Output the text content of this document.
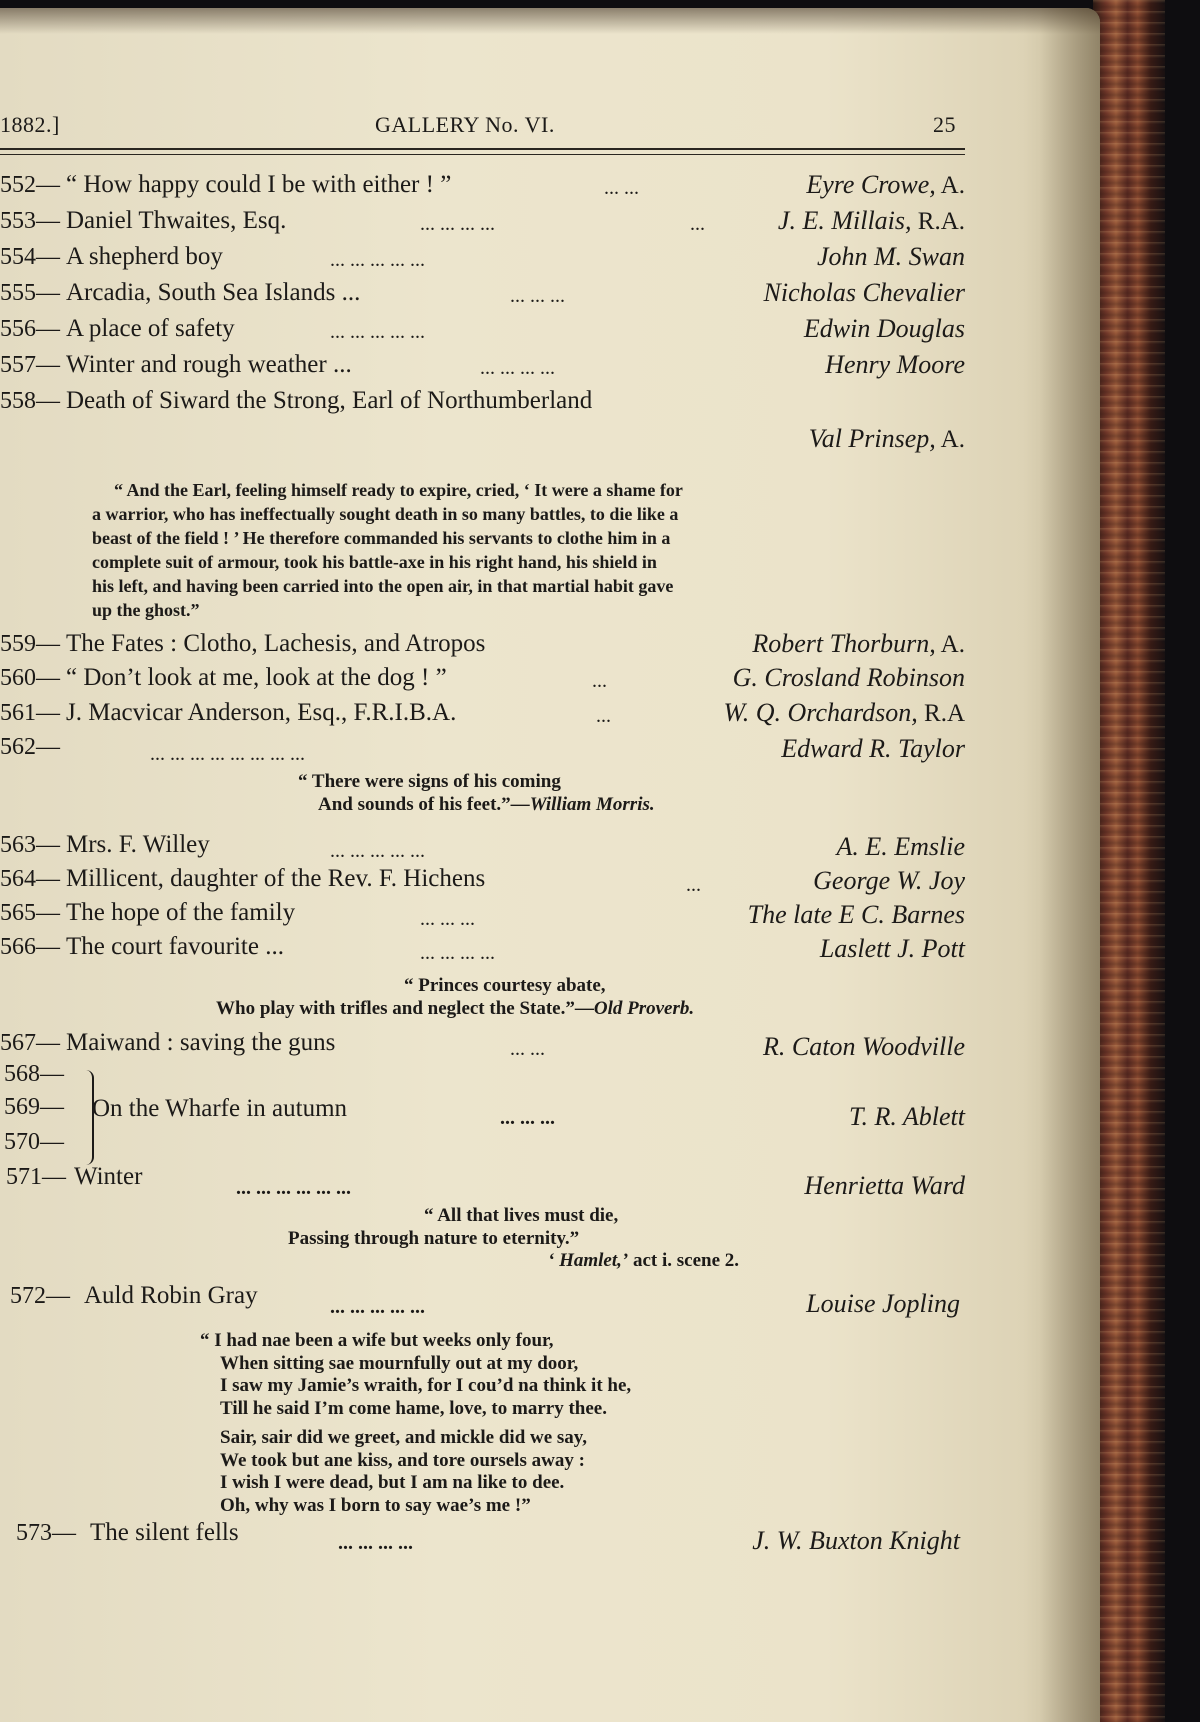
1882.]	GALLERY No. VI.	25
552— “ How happy could I be with either ! ”	... ...	Eyre Crowe, A.
553— Daniel Thwaites, Esq.	... ... ... ...	...	J. E. Millais, R.A.
554— A shepherd boy	... ... ... ... ...	John M. Swan
555— Arcadia, South Sea Islands ...	... ... ...	Nicholas Chevalier
556— A place of safety	... ... ... ... ...	Edwin Douglas
557— Winter and rough weather ...	... ... ... ...	Henry Moore
558— Death of Siward the Strong, Earl of Northumberland
Val Prinsep, A.
“ And the Earl, feeling himself ready to expire, cried, ‘ It were a shame for
a warrior, who has ineffectually sought death in so many battles, to die like a
beast of the field ! ’ He therefore commanded his servants to clothe him in a
complete suit of armour, took his battle-axe in his right hand, his shield in
his left, and having been carried into the open air, in that martial habit gave
up the ghost.”
559— The Fates : Clotho, Lachesis, and Atropos	Robert Thorburn, A.
560— “ Don’t look at me, look at the dog ! ”	...	G. Crosland Robinson
561— J. Macvicar Anderson, Esq., F.R.I.B.A.	...	W. Q. Orchardson, R.A
562—	... ... ... ... ... ... ... ...	Edward R. Taylor
“ There were signs of his coming
And sounds of his feet.”—William Morris.
563— Mrs. F. Willey	... ... ... ... ...	A. E. Emslie
564— Millicent, daughter of the Rev. F. Hichens	...	George W. Joy
565— The hope of the family	... ... ...	The late E C. Barnes
566— The court favourite ...	... ... ... ...	Laslett J. Pott
“ Princes courtesy abate,
Who play with trifles and neglect the State.”—Old Proverb.
567— Maiwand : saving the guns	... ...	R. Caton Woodville
568—
569—
570—
On the Wharfe in autumn	... ... ...	T. R. Ablett
571— Winter	... ... ... ... ... ...	Henrietta Ward
“ All that lives must die,
Passing through nature to eternity.”
‘ Hamlet,’ act i. scene 2.
572— Auld Robin Gray	... ... ... ... ...	Louise Jopling
“ I had nae been a wife but weeks only four,
When sitting sae mournfully out at my door,
I saw my Jamie’s wraith, for I cou’d na think it he,
Till he said I’m come hame, love, to marry thee.
Sair, sair did we greet, and mickle did we say,
We took but ane kiss, and tore oursels away :
I wish I were dead, but I am na like to dee.
Oh, why was I born to say wae’s me !”
573— The silent fells	... ... ... ...	J. W. Buxton Knight
